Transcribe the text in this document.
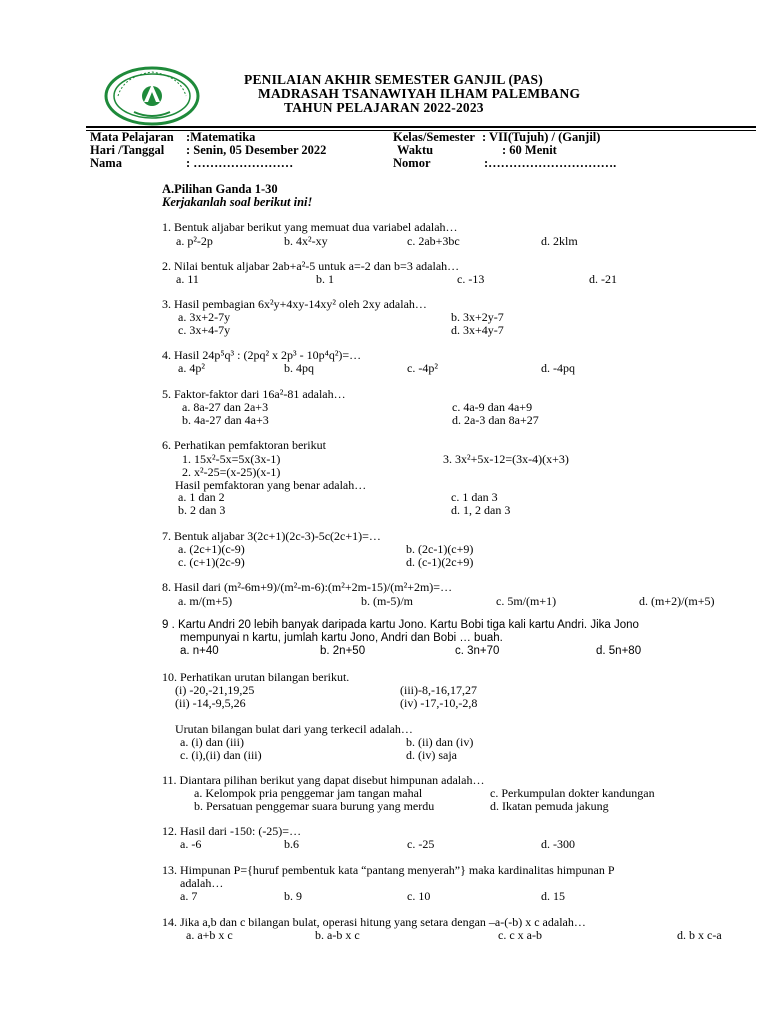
PENILAIAN AKHIR SEMESTER GANJIL (PAS)
MADRASAH TSANAWIYAH ILHAM PALEMBANG
TAHUN PELAJARAN 2022-2023
Mata Pelajaran :Matematika
Hari /Tanggal : Senin, 05 Desember 2022
Nama	: ……………………
Kelas/Semester : VII(Tujuh) / (Ganjil)
Waktu	: 60 Menit
Nomor	:………………………….
A.Pilihan Ganda 1-30
Kerjakanlah soal berikut ini!
1. Bentuk aljabar berikut yang memuat dua variabel adalah…
a. p²-2p	b. 4x²-xy	c. 2ab+3bc	d. 2klm
2. Nilai bentuk aljabar 2ab+a²-5 untuk a=-2 dan b=3 adalah…
a. 11	b. 1	c. -13	d. -21
3. Hasil pembagian 6x²y+4xy-14xy² oleh 2xy adalah…
a. 3x+2-7y	b. 3x+2y-7
c. 3x+4-7y	d. 3x+4y-7
4. Hasil 24p⁵q³ : (2pq² x 2p³ - 10p⁴q²)=…
a. 4p²	b. 4pq	c. -4p²	d. -4pq
5. Faktor-faktor dari 16a²-81 adalah…
a. 8a-27 dan 2a+3	c. 4a-9 dan 4a+9
b. 4a-27 dan 4a+3	d. 2a-3 dan 8a+27
6. Perhatikan pemfaktoran berikut
1. 15x²-5x=5x(3x-1)	3. 3x²+5x-12=(3x-4)(x+3)
2. x²-25=(x-25)(x-1)
Hasil pemfaktoran yang benar adalah…
a. 1 dan 2	c. 1 dan 3
b. 2 dan 3	d. 1, 2 dan 3
7. Bentuk aljabar 3(2c+1)(2c-3)-5c(2c+1)=…
a. (2c+1)(c-9)	b. (2c-1)(c+9)
c. (c+1)(2c-9)	d. (c-1)(2c+9)
8. Hasil dari (m²-6m+9)/(m²-m-6):(m²+2m-15)/(m²+2m)=…
a. m/(m+5)	b. (m-5)/m	c. 5m/(m+1)	d. (m+2)/(m+5)
9 . Kartu Andri 20 lebih banyak daripada kartu Jono. Kartu Bobi tiga kali kartu Andri. Jika Jono
mempunyai n kartu, jumlah kartu Jono, Andri dan Bobi … buah.
a. n+40	b. 2n+50	c. 3n+70	d. 5n+80
10. Perhatikan urutan bilangan berikut.
(i) -20,-21,19,25	(iii)-8,-16,17,27
(ii) -14,-9,5,26	(iv) -17,-10,-2,8
Urutan bilangan bulat dari yang terkecil adalah…
a. (i) dan (iii)	b. (ii) dan (iv)
c. (i),(ii) dan (iii)	d. (iv) saja
11. Diantara pilihan berikut yang dapat disebut himpunan adalah…
a. Kelompok pria penggemar jam tangan mahal	c. Perkumpulan dokter kandungan
b. Persatuan penggemar suara burung yang merdu	d. Ikatan pemuda jakung
12. Hasil dari -150: (-25)=…
a. -6	b.6	c. -25	d. -300
13. Himpunan P={huruf pembentuk kata “pantang menyerah”} maka kardinalitas himpunan P
adalah…
a. 7	b. 9	c. 10	d. 15
14. Jika a,b dan c bilangan bulat, operasi hitung yang setara dengan –a-(-b) x c adalah…
a. a+b x c	b. a-b x c	c. c x a-b	d. b x c-a
